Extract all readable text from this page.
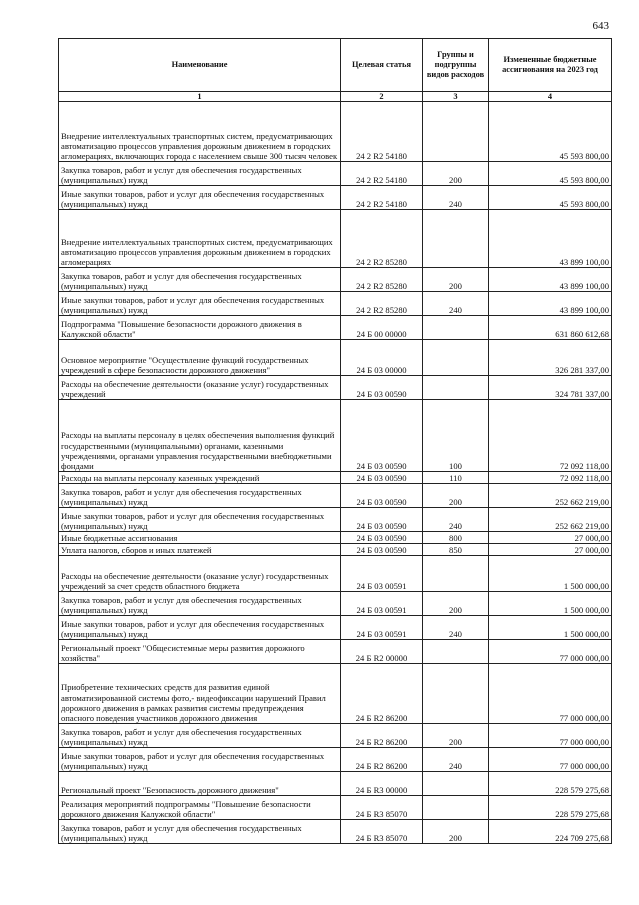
643
Наименование	Целевая статья	Группы и подгруппы видов расходов	Измененные бюджетные ассигнования на 2023 год
1	2	3	4
Внедрение интеллектуальных транспортных систем, предусматривающих автоматизацию процессов управления дорожным движением в городских агломерациях, включающих города с населением свыше 300 тысяч человек	24 2 R2 54180		45 593 800,00
Закупка товаров, работ и услуг для обеспечения государственных (муниципальных) нужд	24 2 R2 54180	200	45 593 800,00
Иные закупки товаров, работ и услуг для обеспечения государственных (муниципальных) нужд	24 2 R2 54180	240	45 593 800,00
Внедрение интеллектуальных транспортных систем, предусматривающих автоматизацию процессов управления дорожным движением в городских агломерациях	24 2 R2 85280		43 899 100,00
Закупка товаров, работ и услуг для обеспечения государственных (муниципальных) нужд	24 2 R2 85280	200	43 899 100,00
Иные закупки товаров, работ и услуг для обеспечения государственных (муниципальных) нужд	24 2 R2 85280	240	43 899 100,00
Подпрограмма "Повышение безопасности дорожного движения в Калужской области"	24 Б 00 00000		631 860 612,68
Основное мероприятие "Осуществление функций государственных учреждений в сфере безопасности дорожного движения"	24 Б 03 00000		326 281 337,00
Расходы на обеспечение деятельности (оказание услуг) государственных учреждений	24 Б 03 00590		324 781 337,00
Расходы на выплаты персоналу в целях обеспечения выполнения функций государственными (муниципальными) органами, казенными учреждениями, органами управления государственными внебюджетными фондами	24 Б 03 00590	100	72 092 118,00
Расходы на выплаты персоналу казенных учреждений	24 Б 03 00590	110	72 092 118,00
Закупка товаров, работ и услуг для обеспечения государственных (муниципальных) нужд	24 Б 03 00590	200	252 662 219,00
Иные закупки товаров, работ и услуг для обеспечения государственных (муниципальных) нужд	24 Б 03 00590	240	252 662 219,00
Иные бюджетные ассигнования	24 Б 03 00590	800	27 000,00
Уплата налогов, сборов и иных платежей	24 Б 03 00590	850	27 000,00
Расходы на обеспечение деятельности (оказание услуг) государственных учреждений за счет средств областного бюджета	24 Б 03 00591		1 500 000,00
Закупка товаров, работ и услуг для обеспечения государственных (муниципальных) нужд	24 Б 03 00591	200	1 500 000,00
Иные закупки товаров, работ и услуг для обеспечения государственных (муниципальных) нужд	24 Б 03 00591	240	1 500 000,00
Региональный проект "Общесистемные меры развития дорожного хозяйства"	24 Б R2 00000		77 000 000,00
Приобретение технических средств для развития единой автоматизированной системы фото,- видеофиксации нарушений Правил дорожного движения в рамках развития системы предупреждения опасного поведения участников дорожного движения	24 Б R2 86200		77 000 000,00
Закупка товаров, работ и услуг для обеспечения государственных (муниципальных) нужд	24 Б R2 86200	200	77 000 000,00
Иные закупки товаров, работ и услуг для обеспечения государственных (муниципальных) нужд	24 Б R2 86200	240	77 000 000,00
Региональный проект "Безопасность дорожного движения"	24 Б R3 00000		228 579 275,68
Реализация мероприятий подпрограммы "Повышение безопасности дорожного движения Калужской области"	24 Б R3 85070		228 579 275,68
Закупка товаров, работ и услуг для обеспечения государственных (муниципальных) нужд	24 Б R3 85070	200	224 709 275,68
